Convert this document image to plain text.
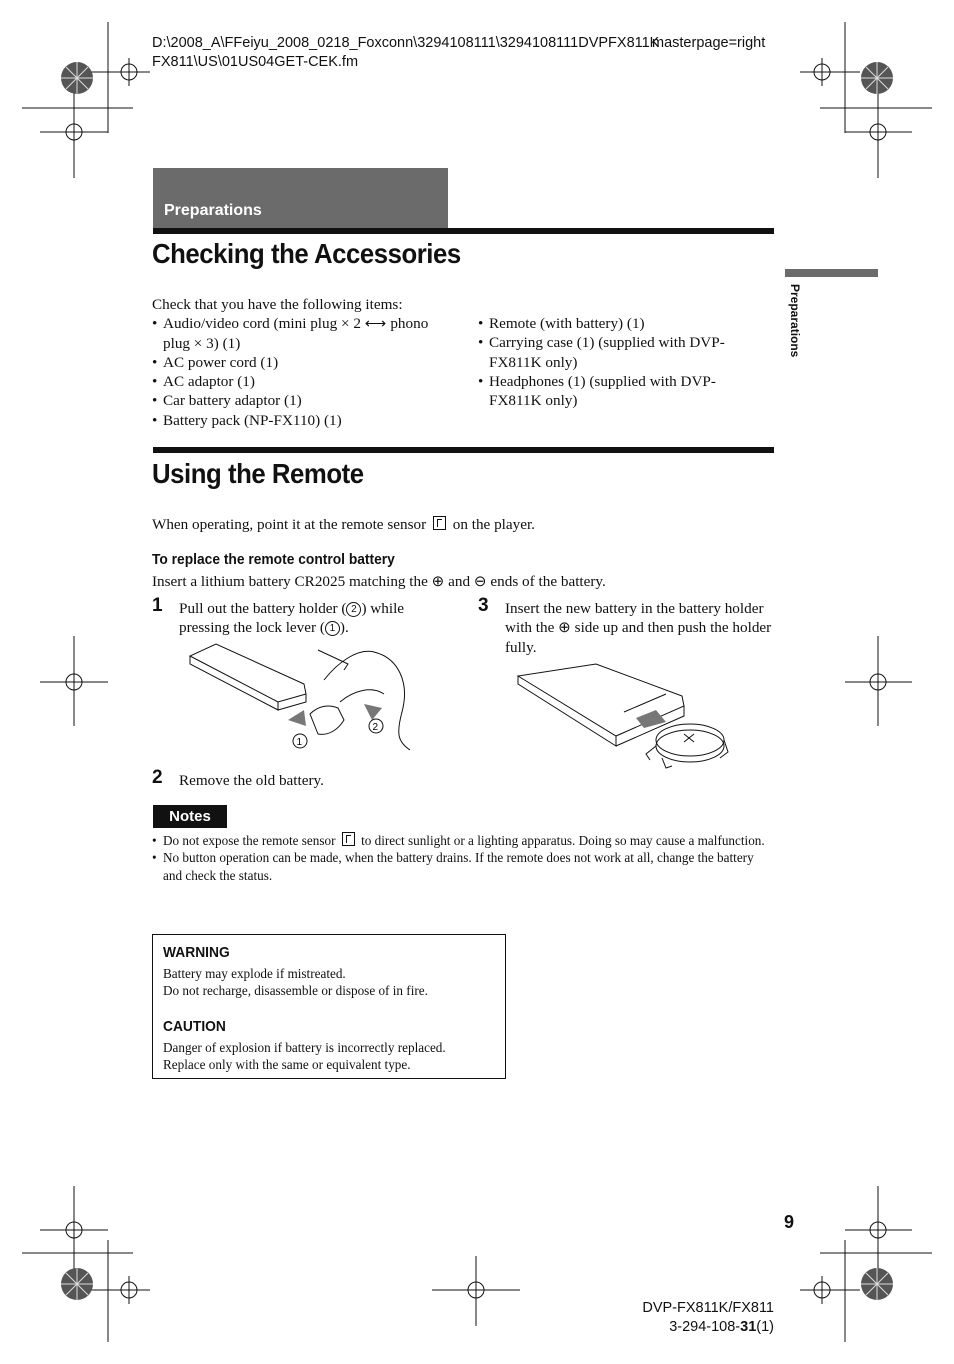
D:\2008_A\FFeiyu_2008_0218_Foxconn\3294108111\3294108111DVPFX811K
FX811\US\01US04GET-CEK.fm
masterpage=right
Preparations
Preparations
Checking the Accessories
Check that you have the following items:
• Audio/video cord (mini plug × 2 ⟷ phono plug × 3) (1)
• AC power cord (1)
• AC adaptor (1)
• Car battery adaptor (1)
• Battery pack (NP-FX110) (1)
• Remote (with battery) (1)
• Carrying case (1) (supplied with DVP-FX811K only)
• Headphones (1) (supplied with DVP-FX811K only)
Using the Remote
When operating, point it at the remote sensor on the player.
To replace the remote control battery
Insert a lithium battery CR2025 matching the ⊕ and ⊖ ends of the battery.
1 Pull out the battery holder ( 2 ) while pressing the lock lever ( 1 ).
1
2
2 Remove the old battery.
3 Insert the new battery in the battery holder with the ⊕ side up and then push the holder fully.
Notes
• Do not expose the remote sensor to direct sunlight or a lighting apparatus. Doing so may cause a malfunction.
• No button operation can be made, when the battery drains. If the remote does not work at all, change the battery and check the status.
WARNING
Battery may explode if mistreated.
Do not recharge, disassemble or dispose of in fire.
CAUTION
Danger of explosion if battery is incorrectly replaced.
Replace only with the same or equivalent type.
9
DVP-FX811K/FX811
3-294-108-31(1)
